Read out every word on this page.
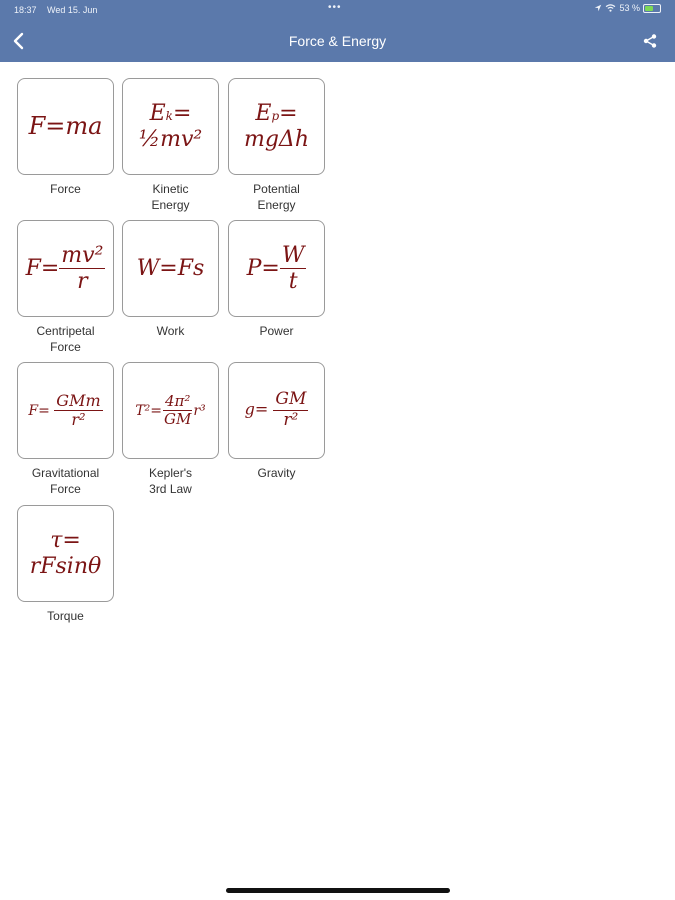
18:37 Wed 15. Jun	•••	53 %
Force & Energy
F=ma
Force
Ek=
½mv²
Kinetic
Energy
Ep=
mgΔh
Potential
Energy
$F= \frac{\text{mv²}}{r}$
Centripetal
Force
W=Fs
Work
$P= \frac{W}{t}$
Power
$F= \frac{\text{GMm}}{\text{r²}}$
Gravitational
Force
$T^2= \frac{\text{4π²}}{GM} r^3$
Kepler's
3rd Law
$g= \frac{GM}{\text{r²}}$
Gravity
τ=
rFsinθ
Torque
